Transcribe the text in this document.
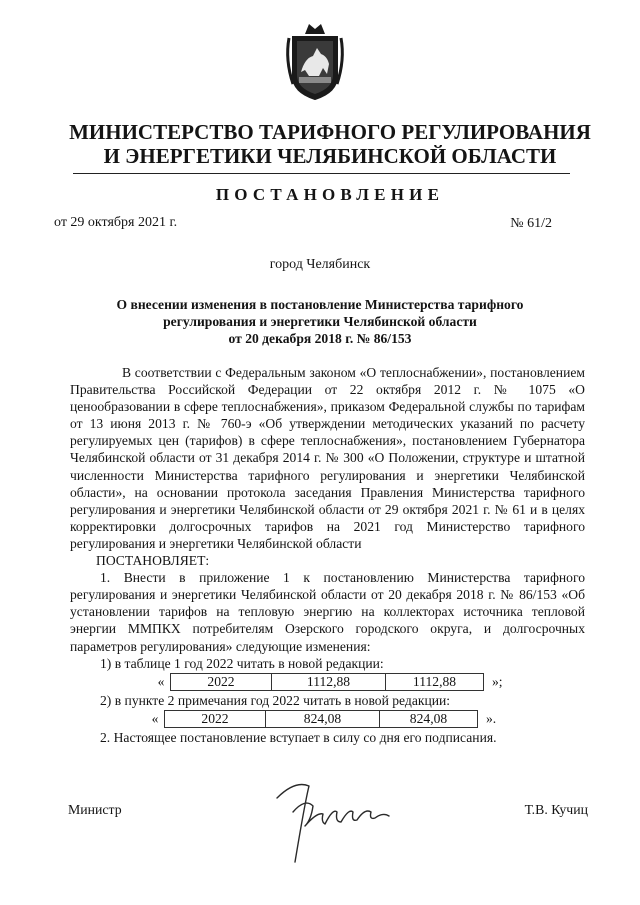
МИНИСТЕРСТВО ТАРИФНОГО РЕГУЛИРОВАНИЯ
И ЭНЕРГЕТИКИ ЧЕЛЯБИНСКОЙ ОБЛАСТИ
ПОСТАНОВЛЕНИЕ
от 29 октября 2021 г.	№ 61/2
город Челябинск
О внесении изменения в постановление Министерства тарифного
регулирования и энергетики Челябинской области
от 20 декабря 2018 г. № 86/153

В соответствии с Федеральным законом «О теплоснабжении», постановлением Правительства Российской Федерации от 22 октября 2012 г. № 1075 «О ценообразовании в сфере теплоснабжения», приказом Федеральной службы по тарифам от 13 июня 2013 г. № 760-э «Об утверждении методических указаний по расчету регулируемых цен (тарифов) в сфере теплоснабжения», постановлением Губернатора Челябинской области от 31 декабря 2014 г. № 300 «О Положении, структуре и штатной численности Министерства тарифного регулирования и энергетики Челябинской области», на основании протокола заседания Правления Министерства тарифного регулирования и энергетики Челябинской области от 29 октября 2021 г. № 61 и в целях корректировки долгосрочных тарифов на 2021 год Министерство тарифного регулирования и энергетики Челябинской области

ПОСТАНОВЛЯЕТ:

1. Внести в приложение 1 к постановлению Министерства тарифного регулирования и энергетики Челябинской области от 20 декабря 2018 г. № 86/153 «Об установлении тарифов на тепловую энергию на коллекторах источника тепловой энергии ММПКХ потребителям Озерского городского округа, и долгосрочных параметров регулирования» следующие изменения:

1) в таблице 1 год 2022 читать в новой редакции:

«	2022	1112,88	1112,88	»;

2) в пункте 2 примечания год 2022 читать в новой редакции:

«	2022	824,08	824,08	».

2. Настоящее постановление вступает в силу со дня его подписания.

Министр	Т.В. Кучиц
